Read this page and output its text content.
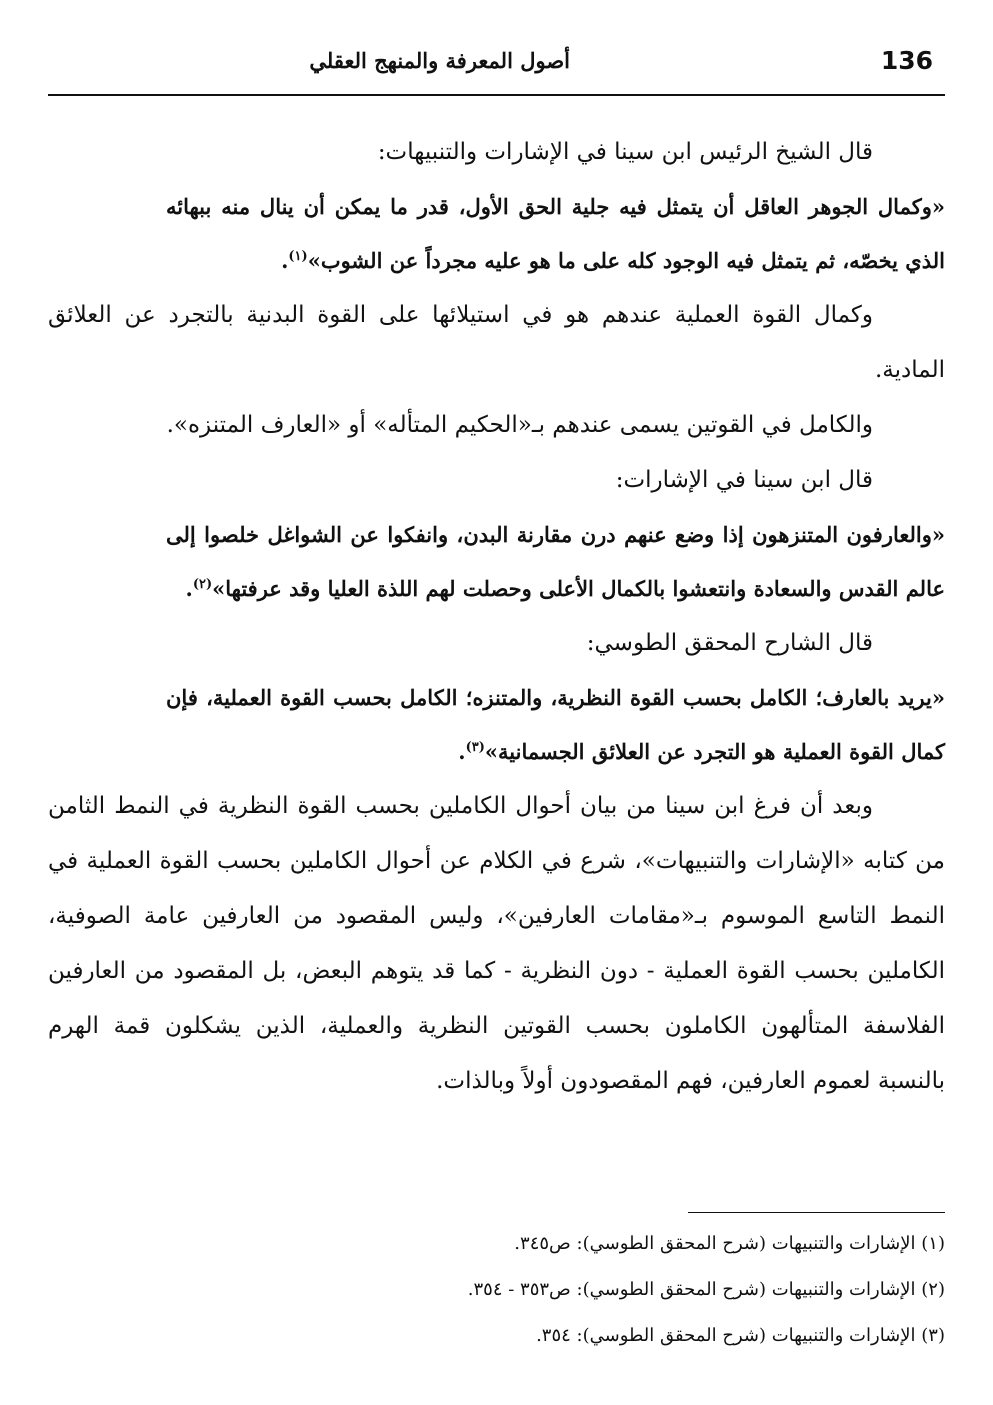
136
أصول المعرفة والمنهج العقلي

قال الشيخ الرئيس ابن سينا في الإشارات والتنبيهات:

«وكمال الجوهر العاقل أن يتمثل فيه جلية الحق الأول، قدر ما يمكن أن ينال منه ببهائه الذي يخصّه، ثم يتمثل فيه الوجود كله على ما هو عليه مجرداً عن الشوب»$^{(١)}$.

وكمال القوة العملية عندهم هو في استيلائها على القوة البدنية بالتجرد عن العلائق المادية.

والكامل في القوتين يسمى عندهم بـ«الحكيم المتأله» أو «العارف المتنزه».

قال ابن سينا في الإشارات:

«والعارفون المتنزهون إذا وضع عنهم درن مقارنة البدن، وانفكوا عن الشواغل خلصوا إلى عالم القدس والسعادة وانتعشوا بالكمال الأعلى وحصلت لهم اللذة العليا وقد عرفتها»$^{(٢)}$.

قال الشارح المحقق الطوسي:

«يريد بالعارف؛ الكامل بحسب القوة النظرية، والمتنزه؛ الكامل بحسب القوة العملية، فإن كمال القوة العملية هو التجرد عن العلائق الجسمانية»$^{(٣)}$.

وبعد أن فرغ ابن سينا من بيان أحوال الكاملين بحسب القوة النظرية في النمط الثامن من كتابه «الإشارات والتنبيهات»، شرع في الكلام عن أحوال الكاملين بحسب القوة العملية في النمط التاسع الموسوم بـ«مقامات العارفين»، وليس المقصود من العارفين عامة الصوفية، الكاملين بحسب القوة العملية - دون النظرية - كما قد يتوهم البعض، بل المقصود من العارفين الفلاسفة المتألهون الكاملون بحسب القوتين النظرية والعملية، الذين يشكلون قمة الهرم بالنسبة لعموم العارفين، فهم المقصودون أولاً وبالذات.

(١) الإشارات والتنبيهات (شرح المحقق الطوسي): ص٣٤٥.
(٢) الإشارات والتنبيهات (شرح المحقق الطوسي): ص٣٥٣ - ٣٥٤.
(٣) الإشارات والتنبيهات (شرح المحقق الطوسي): ٣٥٤.
